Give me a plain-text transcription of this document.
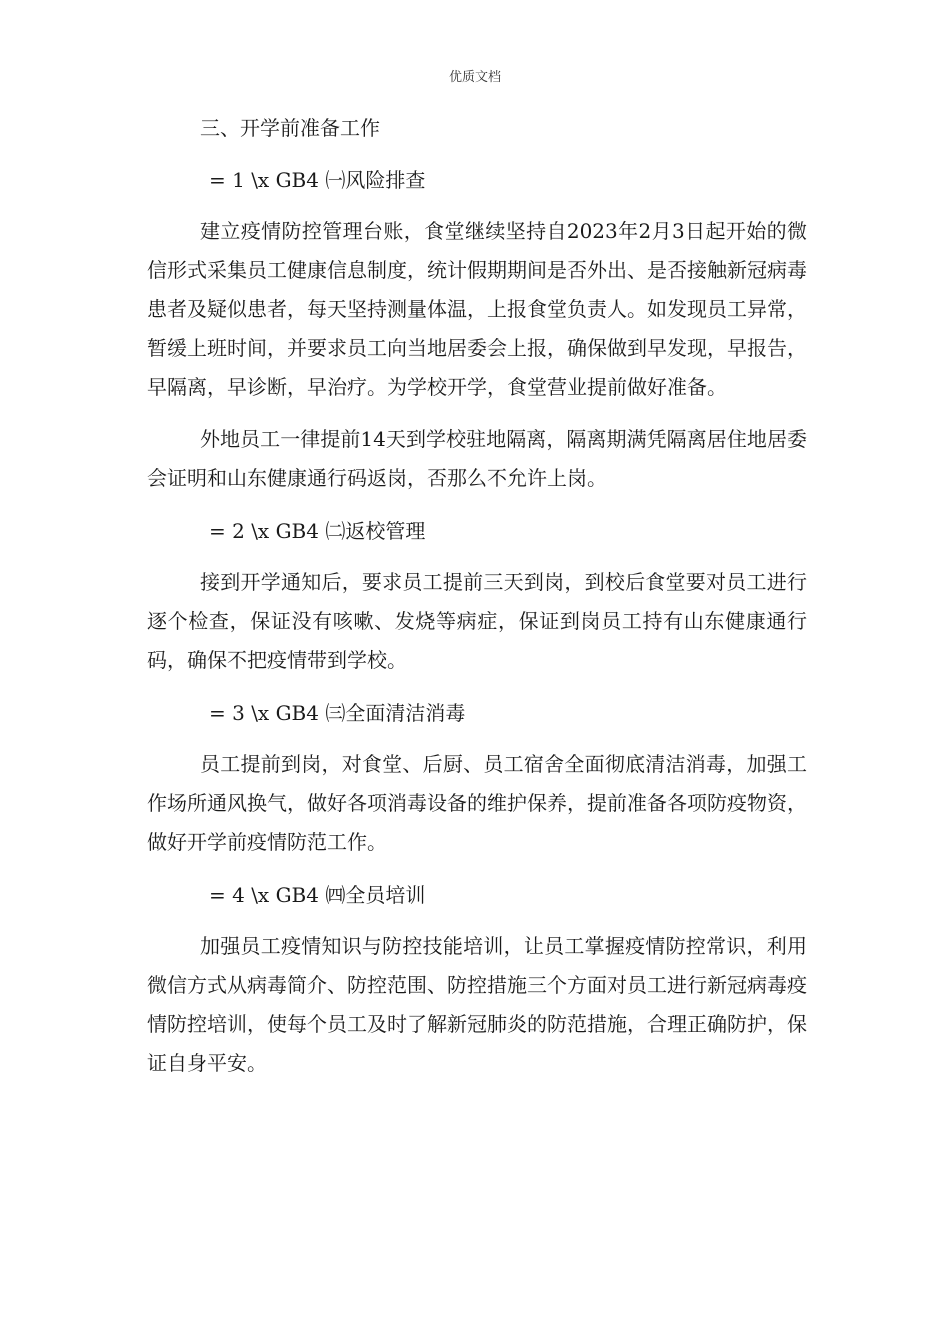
优质文档
三、开学前准备工作
= 1 \x GB4 ㈠风险排查

建立疫情防控管理台账，食堂继续坚持自2023年2月3日起开始的微信形式采集员工健康信息制度，统计假期期间是否外出、是否接触新冠病毒患者及疑似患者，每天坚持测量体温，上报食堂负责人。如发现员工异常，暂缓上班时间，并要求员工向当地居委会上报，确保做到早发现，早报告，早隔离，早诊断，早治疗。为学校开学，食堂营业提前做好准备。

外地员工一律提前14天到学校驻地隔离，隔离期满凭隔离居住地居委会证明和山东健康通行码返岗，否那么不允许上岗。

= 2 \x GB4 ㈡返校管理

接到开学通知后，要求员工提前三天到岗，到校后食堂要对员工进行逐个检查，保证没有咳嗽、发烧等病症，保证到岗员工持有山东健康通行码，确保不把疫情带到学校。

= 3 \x GB4 ㈢全面清洁消毒

员工提前到岗，对食堂、后厨、员工宿舍全面彻底清洁消毒，加强工作场所通风换气，做好各项消毒设备的维护保养，提前准备各项防疫物资，做好开学前疫情防范工作。

= 4 \x GB4 ㈣全员培训

加强员工疫情知识与防控技能培训，让员工掌握疫情防控常识，利用微信方式从病毒简介、防控范围、防控措施三个方面对员工进行新冠病毒疫情防控培训，使每个员工及时了解新冠肺炎的防范措施，合理正确防护，保证自身平安。
